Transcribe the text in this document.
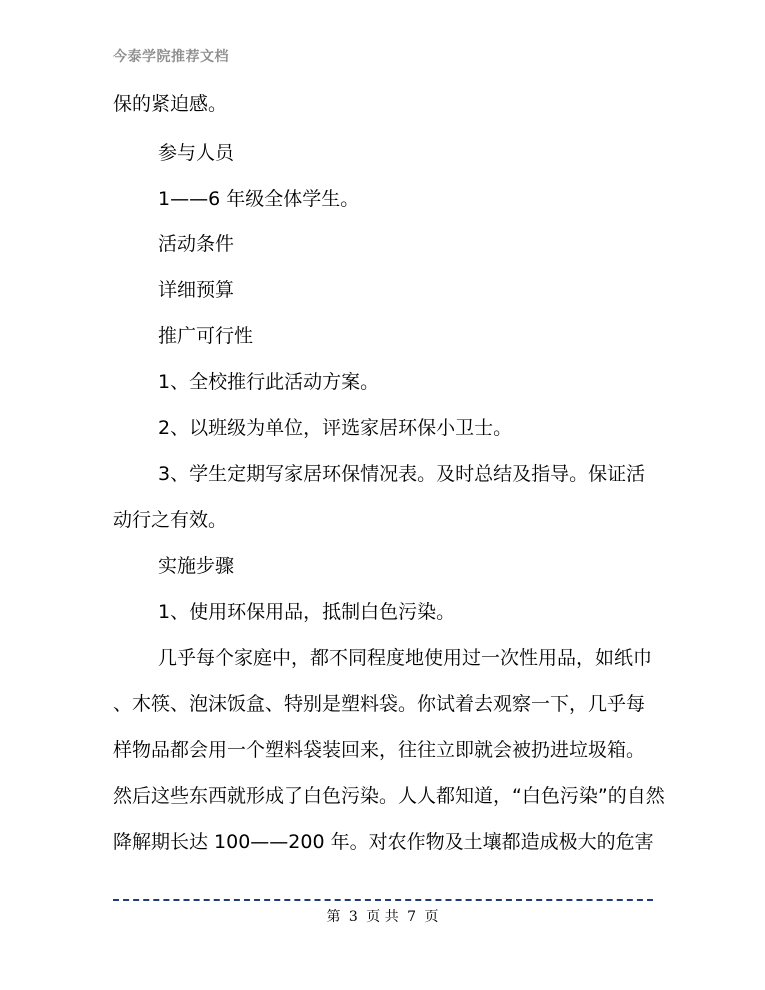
今泰学院推荐文档
保的紧迫感。
参与人员
1——6 年级全体学生。
活动条件
详细预算
推广可行性
1、全校推行此活动方案。
2、以班级为单位，评选家居环保小卫士。
3、学生定期写家居环保情况表。及时总结及指导。保证活
动行之有效。
实施步骤
1、使用环保用品，抵制白色污染。
几乎每个家庭中，都不同程度地使用过一次性用品，如纸巾
、木筷、泡沫饭盒、特别是塑料袋。你试着去观察一下，几乎每
样物品都会用一个塑料袋装回来，往往立即就会被扔进垃圾箱。
然后这些东西就形成了白色污染。人人都知道，“白色污染”的自然
降解期长达 100——200 年。对农作物及土壤都造成极大的危害
第 3 页 共 7 页
